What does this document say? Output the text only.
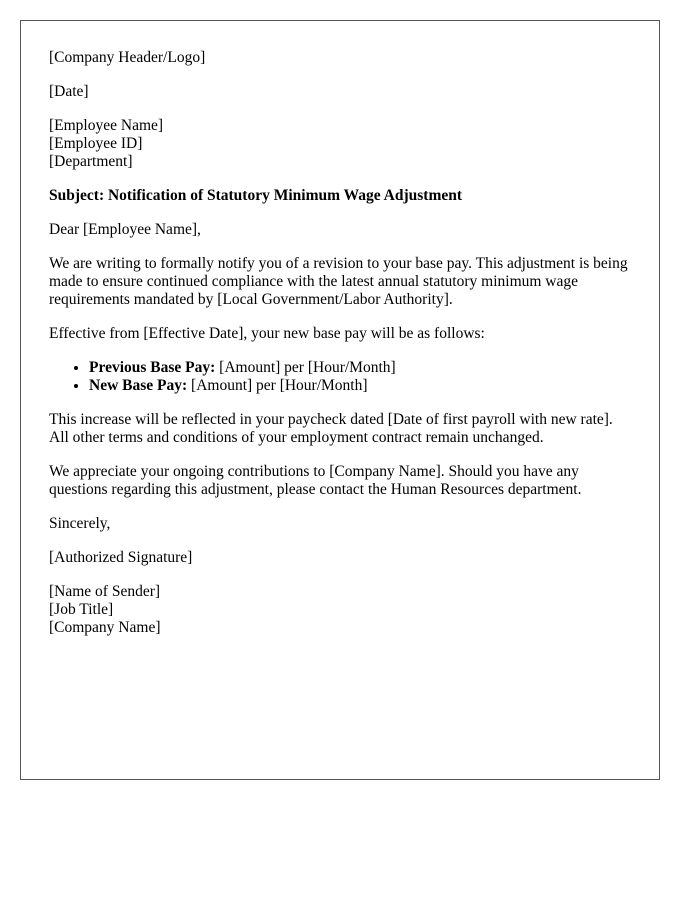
[Company Header/Logo]
[Date]
[Employee Name]
[Employee ID]
[Department]
Subject: Notification of Statutory Minimum Wage Adjustment
Dear [Employee Name],
We are writing to formally notify you of a revision to your base pay. This adjustment is being made to ensure continued compliance with the latest annual statutory minimum wage requirements mandated by [Local Government/Labor Authority].
Effective from [Effective Date], your new base pay will be as follows:
• Previous Base Pay: [Amount] per [Hour/Month]
• New Base Pay: [Amount] per [Hour/Month]
This increase will be reflected in your paycheck dated [Date of first payroll with new rate]. All other terms and conditions of your employment contract remain unchanged.
We appreciate your ongoing contributions to [Company Name]. Should you have any questions regarding this adjustment, please contact the Human Resources department.
Sincerely,
[Authorized Signature]
[Name of Sender]
[Job Title]
[Company Name]
